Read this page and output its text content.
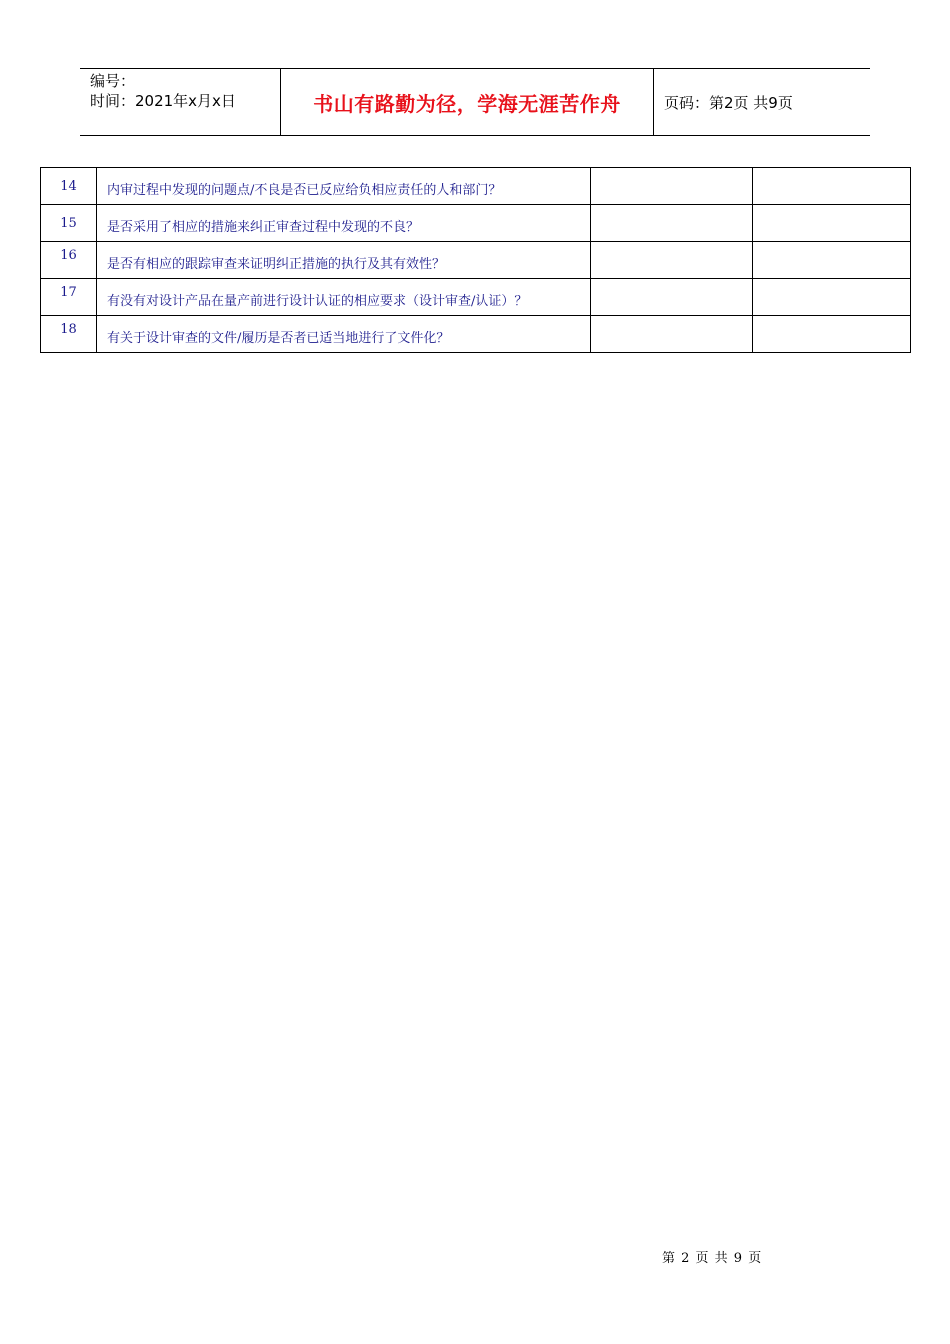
编号：
时间：2021年x月x日	书山有路勤为径，学海无涯苦作舟	页码：第2页 共9页
14	内审过程中发现的问题点/不良是否已反应给负相应责任的人和部门？		
15	是否采用了相应的措施来纠正审查过程中发现的不良？		
16	是否有相应的跟踪审查来证明纠正措施的执行及其有效性？		
17	有没有对设计产品在量产前进行设计认证的相应要求（设计审查/认证）？		
18	有关于设计审查的文件/履历是否者已适当地进行了文件化？		
第 2 页 共 9 页
